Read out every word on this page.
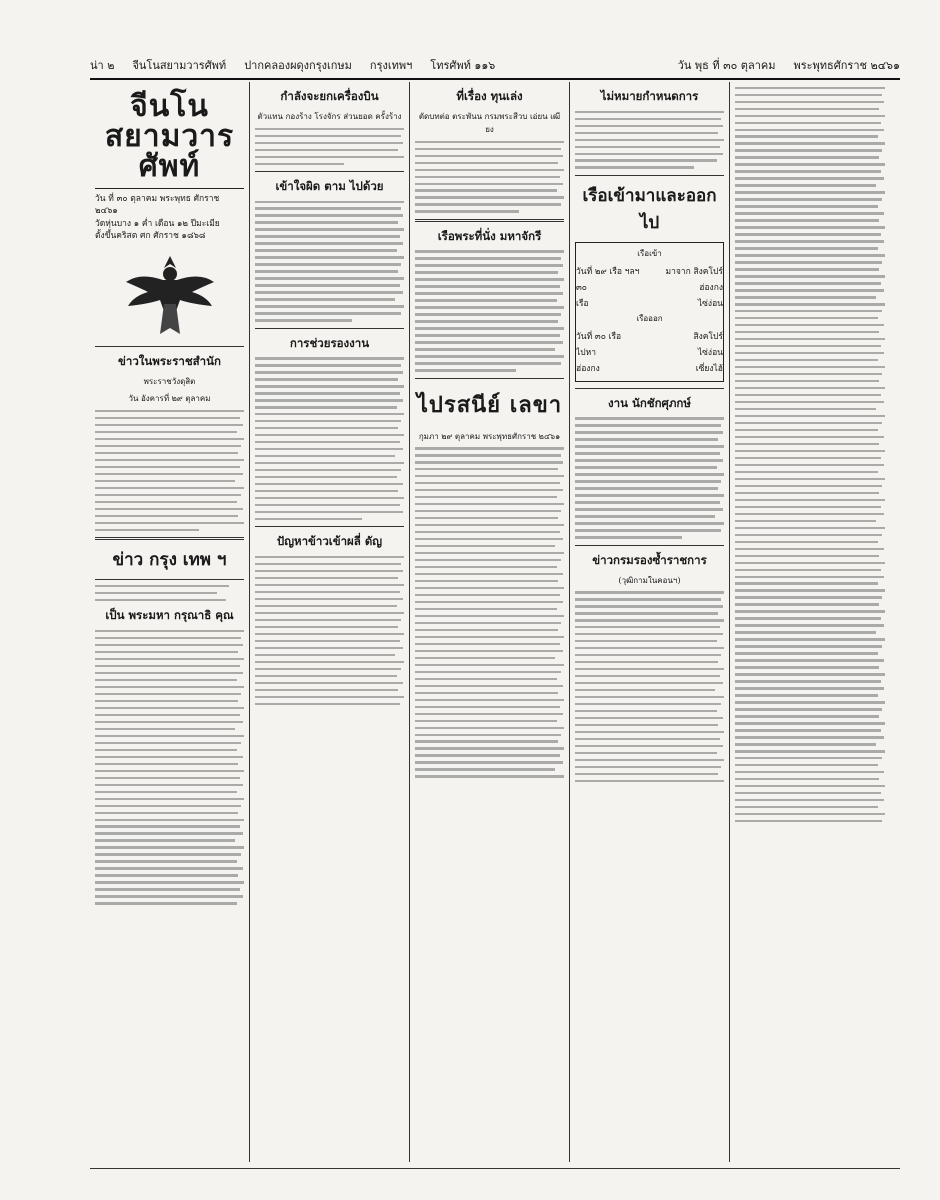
น่า ๒ จีนโนสยามวารศัพท์ ปากคลองผดุงกรุงเกษม กรุงเทพฯ โทรศัพท์ ๑๑๖	วัน พุธ ที่ ๓๐ ตุลาคม พระพุทธศักราช ๒๔๖๑
จีนโนสยามวารศัพท์
วัน ที่ ๓๐ ตุลาคม พระพุทธ ศักราช ๒๔๖๑
วัดหุ่นบาง ๑ ค่ำ เดือน ๑๒ ปีมะเมีย
ตั้งขึ้นคริสต ศก ศักราช ๑๘๖๘
ข่าวในพระราชสำนัก
พระราชวังดุสิต
วัน อังคารที่ ๒๙ ตุลาคม
ข่าว กรุง เทพ ฯ
เป็น พระมหา กรุณาธิ คุณ
กำลังจะยกเครื่องบิน
ตัวแทน กองร้าง โรงจักร ส่วนยอด ครั้งร้าง
เข้าใจผิด ตาม ไปด้วย
การช่วยรองงาน
ปัญหาข้าวเข้าผลี่ ดัญ
ที่เรื่อง ทุนเล่ง
ตัดบทต่อ ตระพันน กรมพระสีวบ เอ่ยน เฒียง
เรือพระที่นั่ง มหาจักรี
ไปรสนีย์ เลขา
กุมภา ๒๙ ตุลาคม พระพุทธศักราช ๒๔๖๑
ไม่หมายกำหนดการ
เรือเข้ามาและออกไป
เรือเข้า
วันที่ ๒๙ เรือ ฯลฯ	มาจาก สิงคโปร์
๓๐	ฮ่องกง
เรือ	ไซ่ง่อน
เรือออก
วันที่ ๓๐ เรือ	สิงคโปร์
ไปหา	ไซ่ง่อน
ฮ่องกง	เซี่ยงไฮ้
งาน นักชักศุภกษ์
ข่าวกรมรองซ้ำราชการ
(วุฒิกามในคอนฯ)
